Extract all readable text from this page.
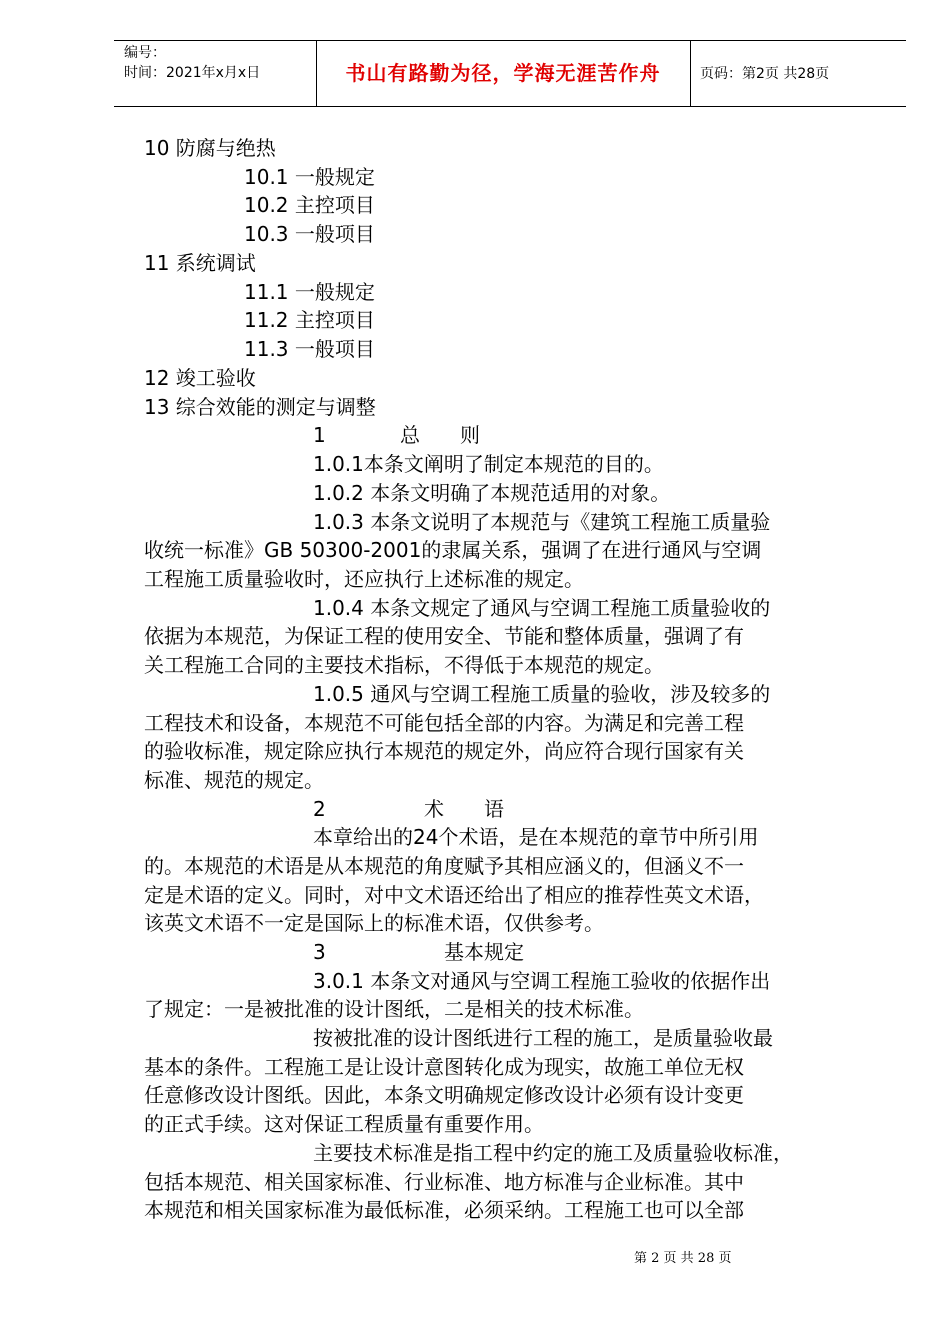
编号：
时间：2021年x月x日	书山有路勤为径，学海无涯苦作舟	页码：第2页 共28页
10 防腐与绝热
10.1 一般规定
10.2 主控项目
10.3 一般项目
11 系统调试
11.1 一般规定
11.2 主控项目
11.3 一般项目
12 竣工验收
13 综合效能的测定与调整
1	总　　则
1.0.1本条文阐明了制定本规范的目的。
1.0.2 本条文明确了本规范适用的对象。
1.0.3 本条文说明了本规范与《建筑工程施工质量验
收统一标准》GB 50300-2001的隶属关系，强调了在进行通风与空调
工程施工质量验收时，还应执行上述标准的规定。
1.0.4 本条文规定了通风与空调工程施工质量验收的
依据为本规范，为保证工程的使用安全、节能和整体质量，强调了有
关工程施工合同的主要技术指标，不得低于本规范的规定。
1.0.5 通风与空调工程施工质量的验收，涉及较多的
工程技术和设备，本规范不可能包括全部的内容。为满足和完善工程
的验收标准，规定除应执行本规范的规定外，尚应符合现行国家有关
标准、规范的规定。
2	术　　语
本章给出的24个术语，是在本规范的章节中所引用
的。本规范的术语是从本规范的角度赋予其相应涵义的，但涵义不一
定是术语的定义。同时，对中文术语还给出了相应的推荐性英文术语，
该英文术语不一定是国际上的标准术语，仅供参考。
3	基本规定
3.0.1 本条文对通风与空调工程施工验收的依据作出
了规定：一是被批准的设计图纸，二是相关的技术标准。
按被批准的设计图纸进行工程的施工，是质量验收最
基本的条件。工程施工是让设计意图转化成为现实，故施工单位无权
任意修改设计图纸。因此，本条文明确规定修改设计必须有设计变更
的正式手续。这对保证工程质量有重要作用。
主要技术标准是指工程中约定的施工及质量验收标准，
包括本规范、相关国家标准、行业标准、地方标准与企业标准。其中
本规范和相关国家标准为最低标准，必须采纳。工程施工也可以全部
第 2 页 共 28 页
